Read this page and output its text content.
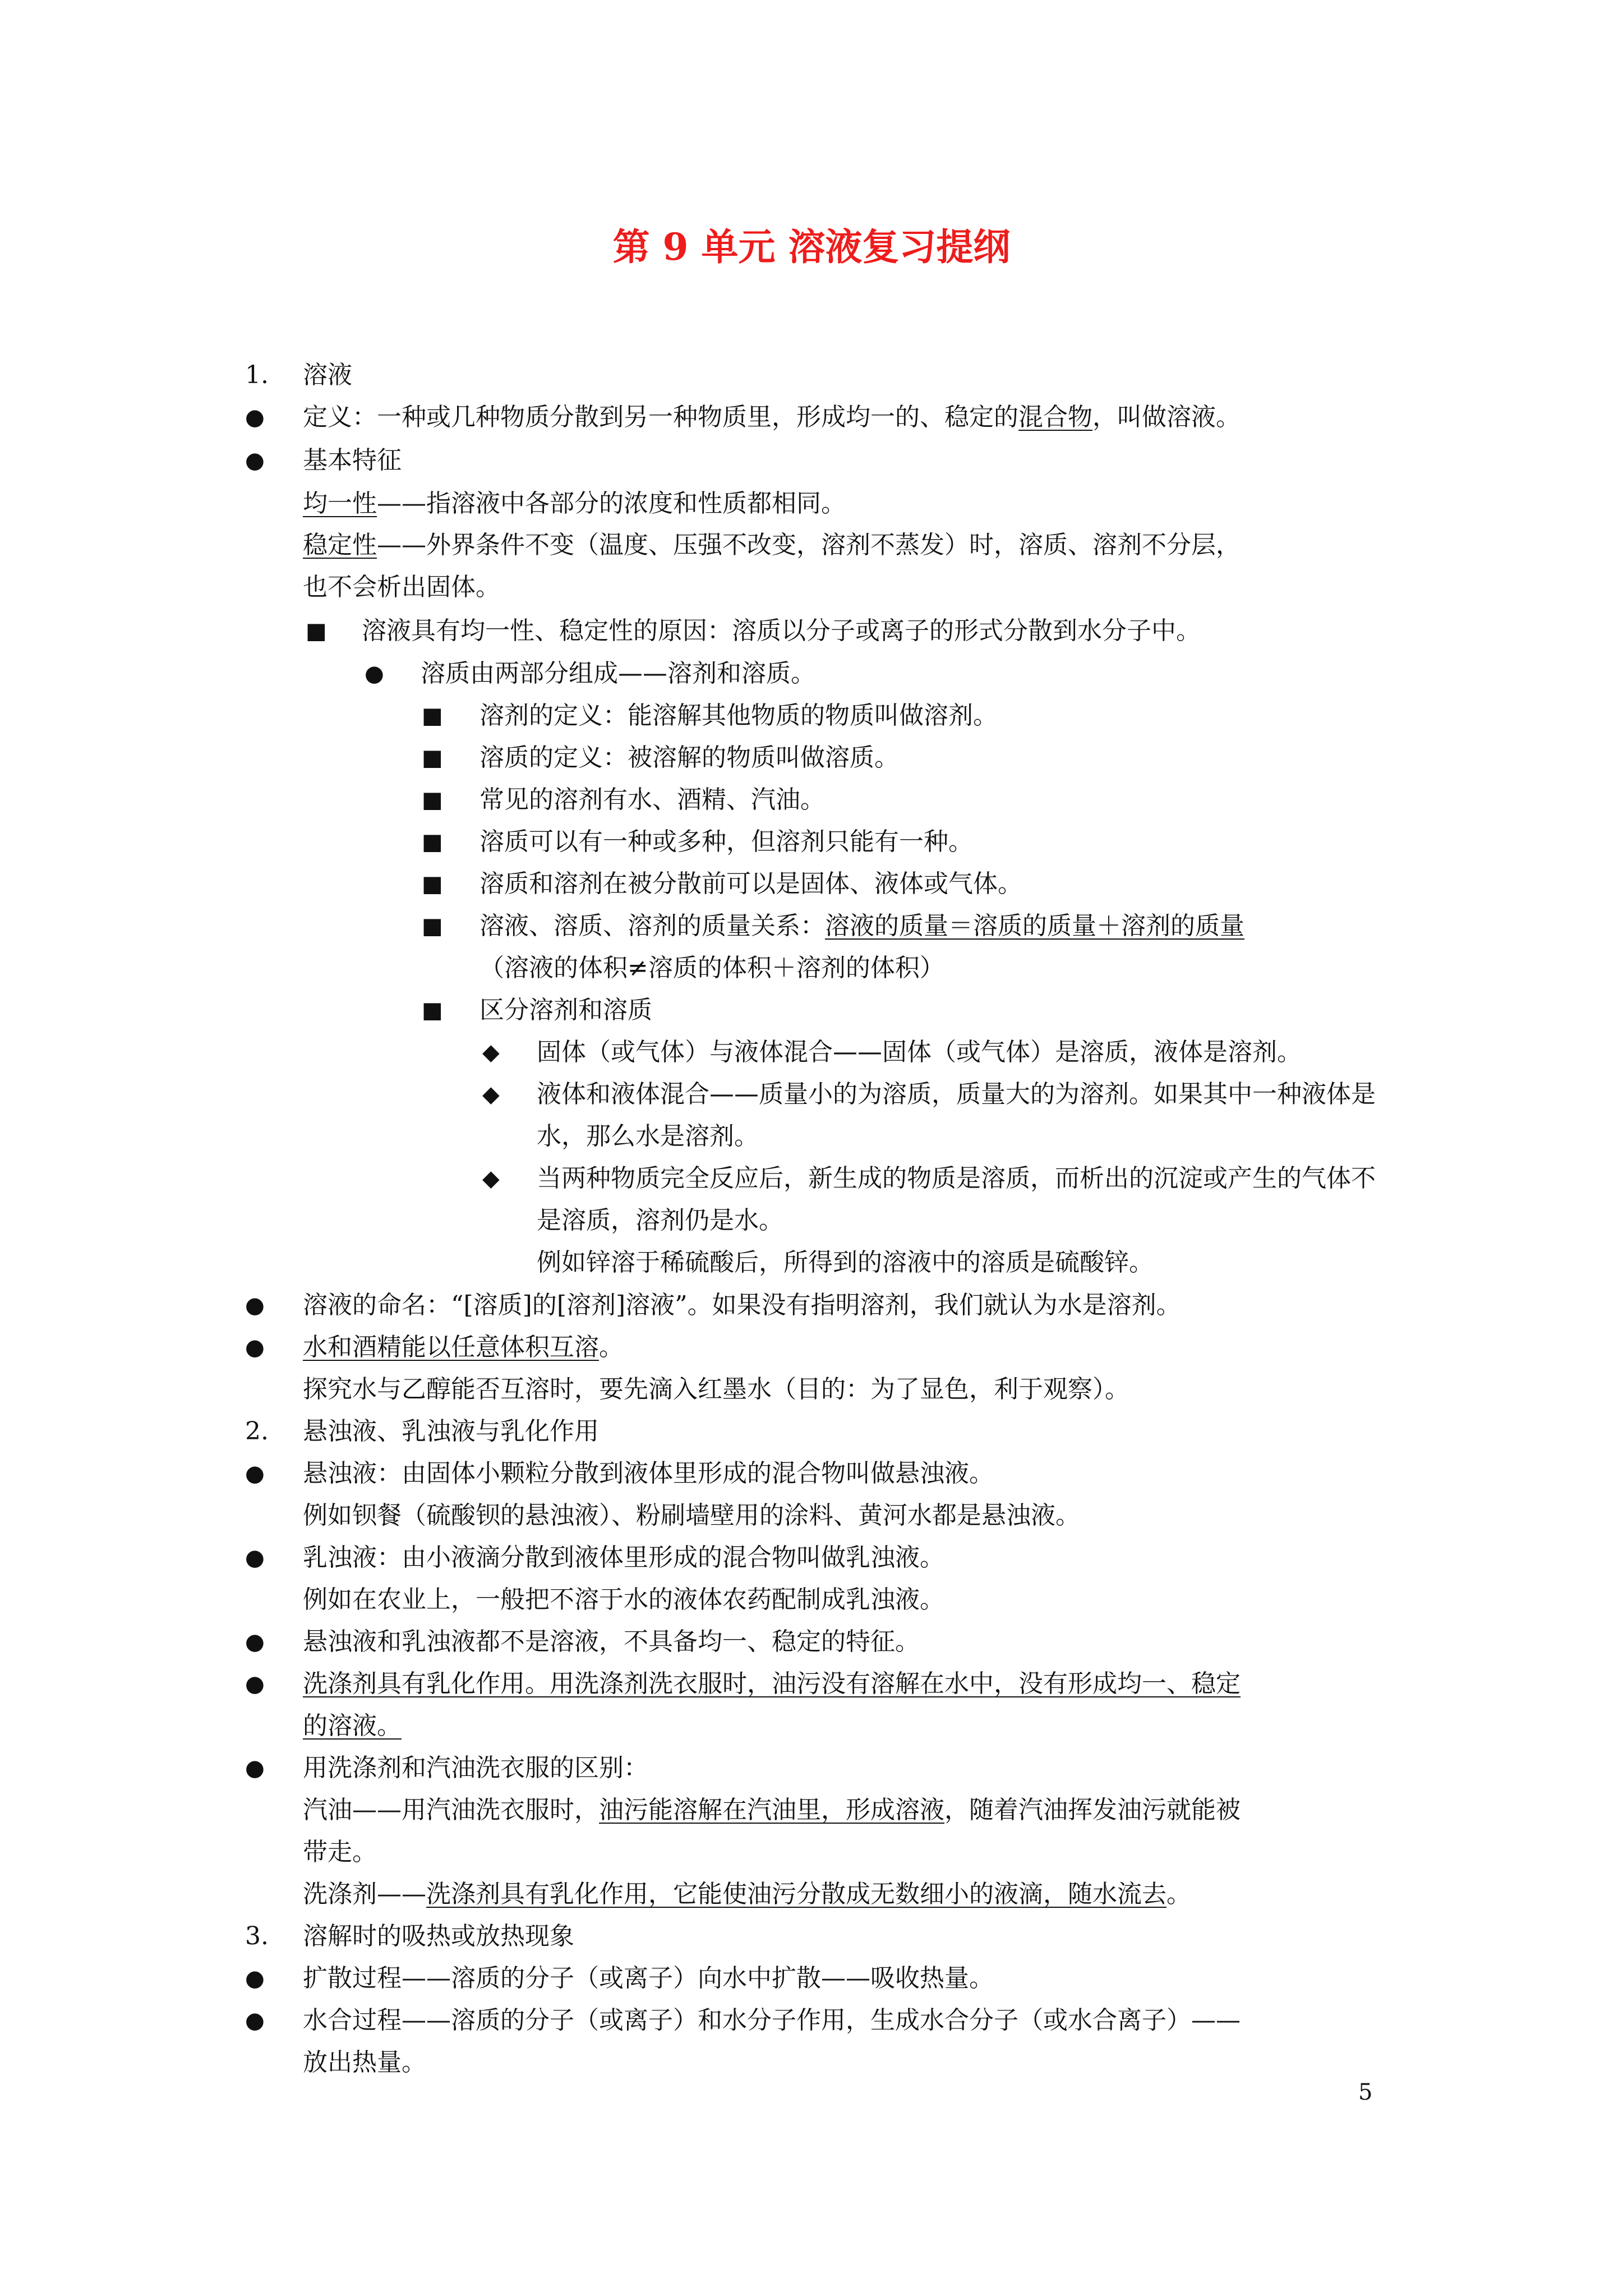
第 9 单元 溶液复习提纲
1. 溶液
● 定义：一种或几种物质分散到另一种物质里，形成均一的、稳定的混合物，叫做溶液。
● 基本特征
均一性——指溶液中各部分的浓度和性质都相同。
稳定性——外界条件不变（温度、压强不改变，溶剂不蒸发）时，溶质、溶剂不分层，
也不会析出固体。
■ 溶液具有均一性、稳定性的原因：溶质以分子或离子的形式分散到水分子中。
● 溶质由两部分组成——溶剂和溶质。
■ 溶剂的定义：能溶解其他物质的物质叫做溶剂。
■ 溶质的定义：被溶解的物质叫做溶质。
■ 常见的溶剂有水、酒精、汽油。
■ 溶质可以有一种或多种，但溶剂只能有一种。
■ 溶质和溶剂在被分散前可以是固体、液体或气体。
■ 溶液、溶质、溶剂的质量关系：溶液的质量＝溶质的质量＋溶剂的质量
（溶液的体积≠溶质的体积＋溶剂的体积）
■ 区分溶剂和溶质
◆ 固体（或气体）与液体混合——固体（或气体）是溶质，液体是溶剂。
◆ 液体和液体混合——质量小的为溶质，质量大的为溶剂。如果其中一种液体是
水，那么水是溶剂。
◆ 当两种物质完全反应后，新生成的物质是溶质，而析出的沉淀或产生的气体不
是溶质，溶剂仍是水。
例如锌溶于稀硫酸后，所得到的溶液中的溶质是硫酸锌。
● 溶液的命名：“[溶质]的[溶剂]溶液”。如果没有指明溶剂，我们就认为水是溶剂。
● 水和酒精能以任意体积互溶。
探究水与乙醇能否互溶时，要先滴入红墨水（目的：为了显色，利于观察）。
2. 悬浊液、乳浊液与乳化作用
● 悬浊液：由固体小颗粒分散到液体里形成的混合物叫做悬浊液。
例如钡餐（硫酸钡的悬浊液）、粉刷墙壁用的涂料、黄河水都是悬浊液。
● 乳浊液：由小液滴分散到液体里形成的混合物叫做乳浊液。
例如在农业上，一般把不溶于水的液体农药配制成乳浊液。
● 悬浊液和乳浊液都不是溶液，不具备均一、稳定的特征。
● 洗涤剂具有乳化作用。用洗涤剂洗衣服时，油污没有溶解在水中，没有形成均一、稳定
的溶液。
● 用洗涤剂和汽油洗衣服的区别：
汽油——用汽油洗衣服时，油污能溶解在汽油里，形成溶液，随着汽油挥发油污就能被
带走。
洗涤剂——洗涤剂具有乳化作用，它能使油污分散成无数细小的液滴，随水流去。
3. 溶解时的吸热或放热现象
● 扩散过程——溶质的分子（或离子）向水中扩散——吸收热量。
● 水合过程——溶质的分子（或离子）和水分子作用，生成水合分子（或水合离子）——
放出热量。
5
